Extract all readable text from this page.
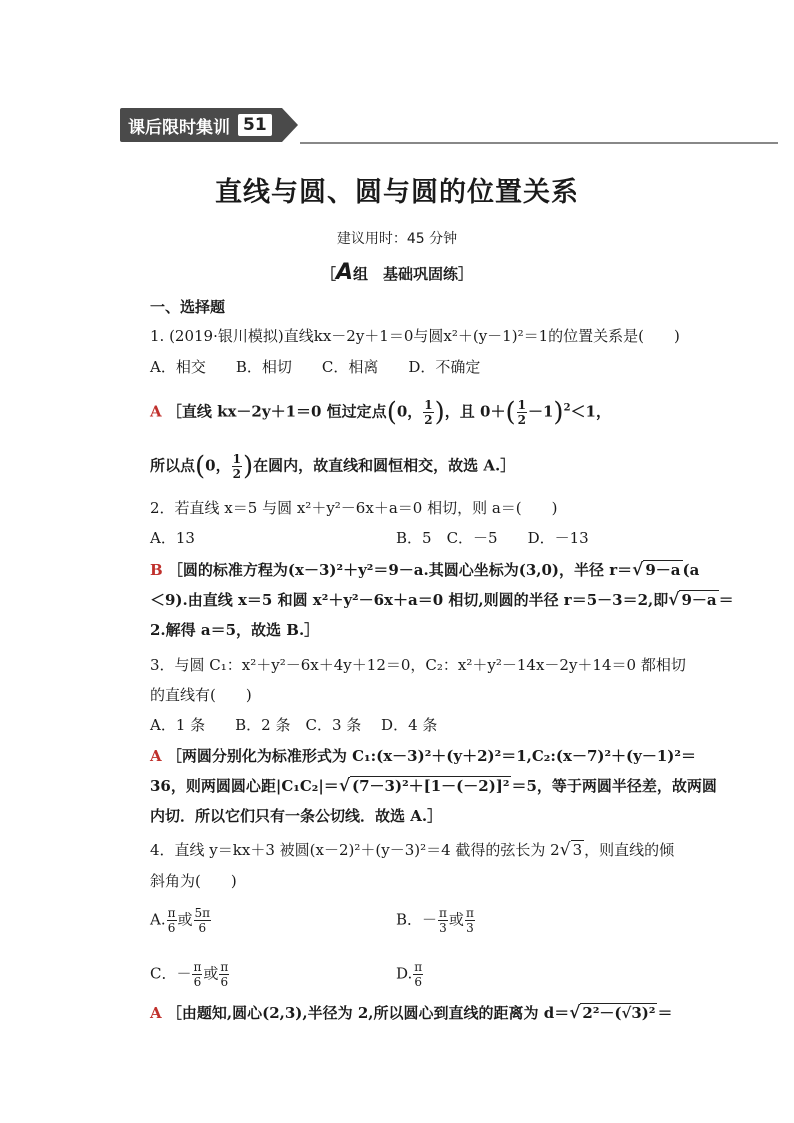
课后限时集训 51
直线与圆、圆与圆的位置关系
建议用时：45 分钟
［A组　基础巩固练］
一、选择题
1. (2019·银川模拟)直线kx－2y＋1＝0与圆x²＋(y－1)²＝1的位置关系是(　　)
A．相交　　B．相切　　C．相离　　D．不确定
A ［直线 kx－2y＋1＝0 恒过定点(0， $\frac{1}{2}$ )，且 $0+( \frac{1}{2} -1)^2<1$，
所以点(0， $\frac{1}{2}$ )在圆内，故直线和圆恒相交，故选 A.］
2．若直线 x＝5 与圆 x²＋y²－6x＋a＝0 相切，则 a＝(　　)
A．13	B．5　C．－5　　D．－13
B ［圆的标准方程为(x－3)²＋y²＝9－a.其圆心坐标为(3,0)，半径 r＝√ 9－a (a
＜9).由直线 x＝5 和圆 x²＋y²－6x＋a＝0 相切,则圆的半径 r＝5－3＝2,即√ 9－a ＝
2.解得 a＝5，故选 B.］
3．与圆 C₁：x²＋y²－6x＋4y＋12＝0，C₂：x²＋y²－14x－2y＋14＝0 都相切
的直线有(　　)
A．1 条　　B．2 条　C．3 条　 D．4 条
A ［两圆分别化为标准形式为 C₁:(x－3)²＋(y＋2)²＝1,C₂:(x－7)²＋(y－1)²＝
36，则两圆圆心距|C₁C₂|＝√ (7－3)²＋[1－(－2)]² ＝5，等于两圆半径差，故两圆
内切．所以它们只有一条公切线．故选 A.］
4．直线 y＝kx＋3 被圆(x－2)²＋(y－3)²＝4 截得的弦长为 2√ 3 ，则直线的倾
斜角为(　　)
A. $\frac{\pi}{6}$ 或 $\frac{5\pi}{6}$	B．－ $\frac{\pi}{3}$ 或 $\frac{\pi}{3}$
C．－ $\frac{\pi}{6}$ 或 $\frac{\pi}{6}$	D. $\frac{\pi}{6}$
A ［由题知,圆心(2,3),半径为 2,所以圆心到直线的距离为 d＝√ 2²－(√3)² ＝
